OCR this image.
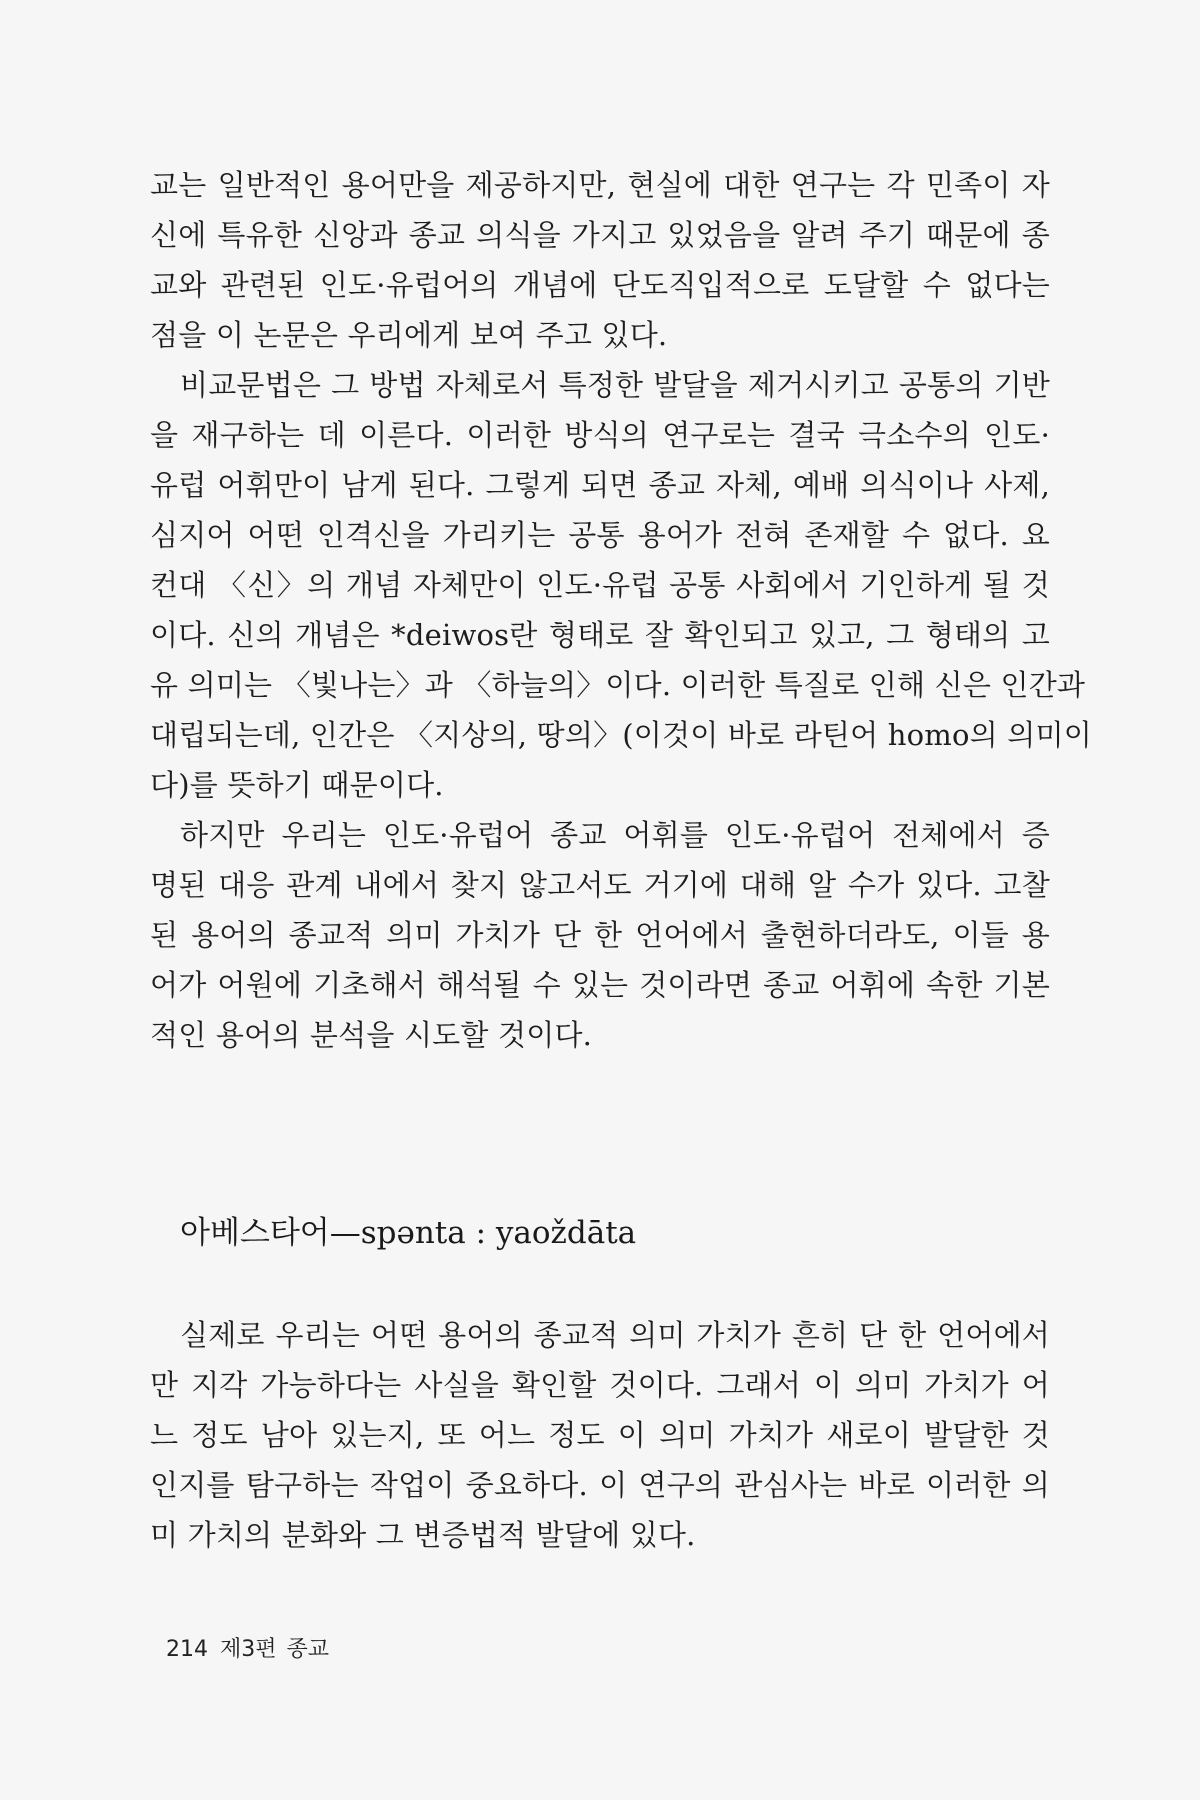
교는 일반적인 용어만을 제공하지만, 현실에 대한 연구는 각 민족이 자
신에 특유한 신앙과 종교 의식을 가지고 있었음을 알려 주기 때문에 종
교와 관련된 인도·유럽어의 개념에 단도직입적으로 도달할 수 없다는
점을 이 논문은 우리에게 보여 주고 있다.
비교문법은 그 방법 자체로서 특정한 발달을 제거시키고 공통의 기반
을 재구하는 데 이른다. 이러한 방식의 연구로는 결국 극소수의 인도·
유럽 어휘만이 남게 된다. 그렇게 되면 종교 자체, 예배 의식이나 사제,
심지어 어떤 인격신을 가리키는 공통 용어가 전혀 존재할 수 없다. 요
컨대 〈신〉의 개념 자체만이 인도·유럽 공통 사회에서 기인하게 될 것
이다. 신의 개념은 *deiwos란 형태로 잘 확인되고 있고, 그 형태의 고
유 의미는 〈빛나는〉과 〈하늘의〉이다. 이러한 특질로 인해 신은 인간과
대립되는데, 인간은 〈지상의, 땅의〉(이것이 바로 라틴어 homo의 의미이
다)를 뜻하기 때문이다.
하지만 우리는 인도·유럽어 종교 어휘를 인도·유럽어 전체에서 증
명된 대응 관계 내에서 찾지 않고서도 거기에 대해 알 수가 있다. 고찰
된 용어의 종교적 의미 가치가 단 한 언어에서 출현하더라도, 이들 용
어가 어원에 기초해서 해석될 수 있는 것이라면 종교 어휘에 속한 기본
적인 용어의 분석을 시도할 것이다.
아베스타어—spənta : yaoždāta
실제로 우리는 어떤 용어의 종교적 의미 가치가 흔히 단 한 언어에서
만 지각 가능하다는 사실을 확인할 것이다. 그래서 이 의미 가치가 어
느 정도 남아 있는지, 또 어느 정도 이 의미 가치가 새로이 발달한 것
인지를 탐구하는 작업이 중요하다. 이 연구의 관심사는 바로 이러한 의
미 가치의 분화와 그 변증법적 발달에 있다.
214 제3편 종교
